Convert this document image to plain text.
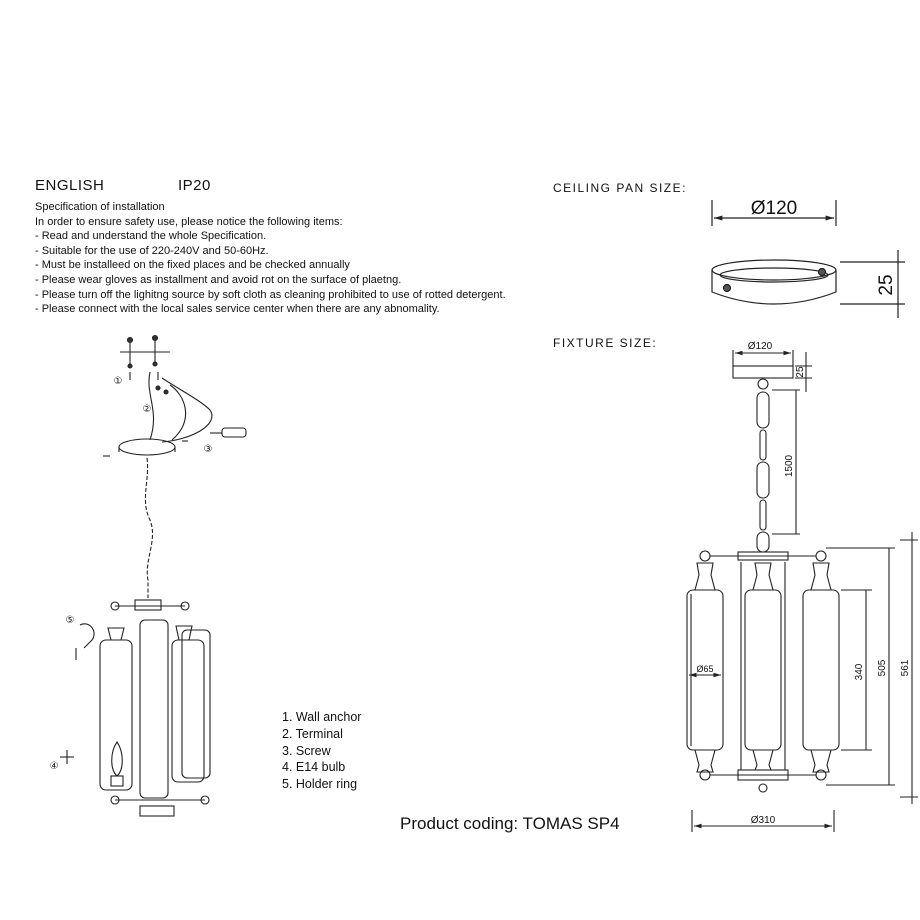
ENGLISH	IP20
Specification of installation
In order to ensure safety use, please notice the following items:
- Read and understand the whole Specification.
- Suitable for the use of 220-240V and 50-60Hz.
- Must be installeed on the fixed places and be checked annually
- Please wear gloves as installment and avoid rot on the surface of plaetng.
- Please turn off the lighitng source by soft cloth as cleaning prohibited to use of rotted detergent.
- Please connect with the local sales service center when there are any abnomality.
CEILING PAN SIZE:
FIXTURE SIZE:
1. Wall anchor
2. Terminal
3. Screw
4. E14 bulb
5. Holder ring
Product coding: TOMAS SP4
Ø120
25
Ø120
25
1500
Ø65	340 505 561
Ø310
①
②
③
④
⑤
